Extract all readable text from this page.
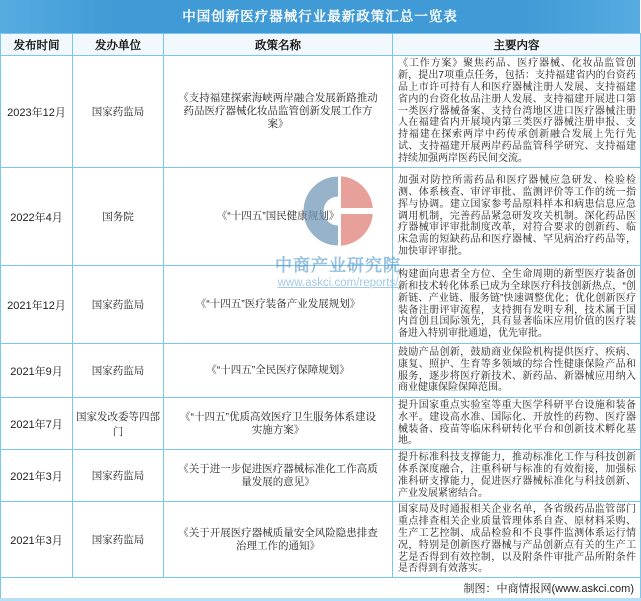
中国创新医疗器械行业最新政策汇总一览表
发布时间	发办单位	政策名称	主要内容
2023年12月	国家药监局	《支持福建探索海峡两岸融合发展新路推动药品医疗器械化妆品监管创新发展工作方案》	《工作方案》聚焦药品、医疗器械、化妆品监管创新，提出7项重点任务，包括：支持福建省内的台资药品上市许可持有人和医疗器械注册人发展、支持福建省内的台资化妆品注册人发展、支持福建开展进口第一类医疗器械备案、支持台湾地区进口医疗器械注册人在福建省内开展境内第三类医疗器械注册申报、支持福建在探索两岸中药传承创新融合发展上先行先试、支持福建开展两岸药品监管科学研究、支持福建持续加强两岸医药民间交流。
2022年4月	国务院	《“十四五”国民健康规划》	加强对防控所需药品和医疗器械应急研发、检验检测、体系核查、审评审批、监测评价等工作的统一指挥与协调。建立国家参考品原料样本和病患信息应急调用机制，完善药品紧急研发攻关机制。深化药品医疗器械审评审批制度改革，对符合要求的创新药、临床急需的短缺药品和医疗器械、罕见病治疗药品等，加快审评审批。
2021年12月	国家药监局	《“十四五”医疗装备产业发展规划》	构建面向患者全方位、全生命周期的新型医疗装备创新和技术转化体系已成为全球医疗科技创新热点，“创新链、产业链、服务链”快速调整优化；优化创新医疗装备注册评审流程，支持拥有发明专利，技术属于国内首创且国际领先，具有显著临床应用价值的医疗装备进入特别审批通道，优先审批。
2021年9月	国家药监局	《“十四五”全民医疗保障规划》	鼓励产品创新，鼓励商业保险机构提供医疗、疾病、康复、照护、生育等多领域的综合性健康保险产品和服务，逐步将医疗新技术、新药品、新器械应用纳入商业健康保险保障范围。
2021年7月	国家发改委等四部门	《“十四五”优质高效医疗卫生服务体系建设实施方案》	提升国家重点实验室等重大医学科研平台设施和装备水平。建设高水准、国际化、开放性的药物、医疗器械装备、疫苗等临床科研转化平台和创新技术孵化基地。
2021年3月	国家药监局	《关于进一步促进医疗器械标准化工作高质量发展的意见》	提升标准科技支撑能力，推动标准化工作与科技创新体系深度融合，注重科研与标准的有效衔接，加强标准科研支撑能力，促进医疗器械标准化与科技创新、产业发展紧密结合。
2021年3月	国家药监局	《关于开展医疗器械质量安全风险隐患排查治理工作的通知》	国家局及时通报相关企业名单，各省级药品监管部门重点排查相关企业质量管理体系自查、原材料采购、生产工艺控制、成品检验和不良事件监测体系运行情况，特别是创新医疗器械与产品创新点有关的生产工艺是否得到有效控制，以及附条件审批产品所附条件是否得到有效落实。
制图：中商情报网(www.askci.com)			
中商产业研究院
www.askci.com/reports/
